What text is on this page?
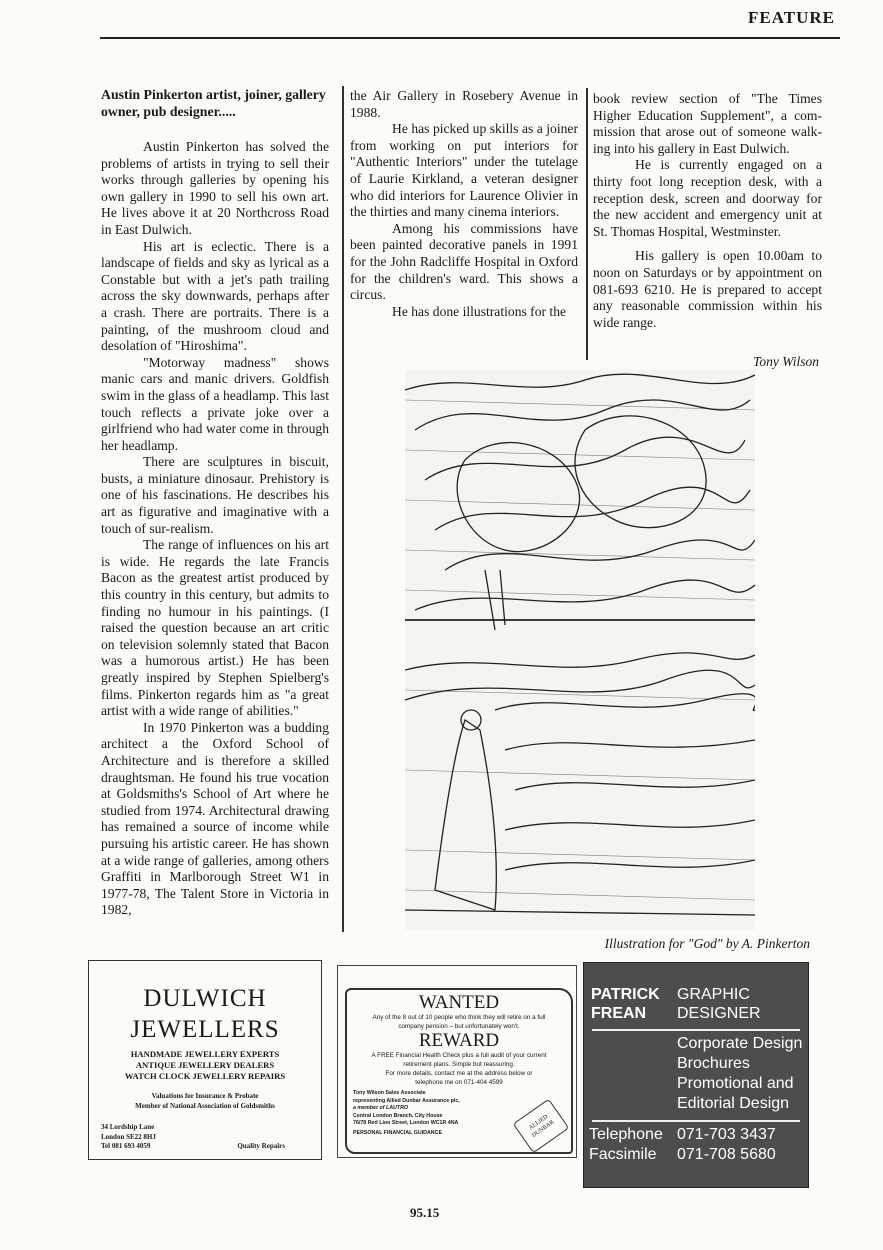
FEATURE
Austin Pinkerton artist, joiner, gallery owner, pub designer.....

Austin Pinkerton has solved the problems of artists in trying to sell their works through galleries by opening his own gallery in 1990 to sell his own art. He lives above it at 20 Northcross Road in East Dulwich.

His art is eclectic. There is a landscape of fields and sky as lyrical as a Constable but with a jet's path trailing across the sky downwards, perhaps after a crash. There are portraits. There is a painting, of the mushroom cloud and desolation of "Hiroshima".

"Motorway madness" shows manic cars and manic drivers. Goldfish swim in the glass of a headlamp. This last touch reflects a private joke over a girlfriend who had water come in through her headlamp.

There are sculptures in biscuit, busts, a miniature dinosaur. Prehistory is one of his fascinations. He describes his art as figurative and imaginative with a touch of sur-realism.

The range of influences on his art is wide. He regards the late Francis Bacon as the greatest artist produced by this country in this century, but admits to finding no humour in his paintings. (I raised the question because an art critic on television solemnly stated that Bacon was a humorous artist.) He has been greatly inspired by Stephen Spielberg's films. Pinkerton regards him as "a great artist with a wide range of abilities."

In 1970 Pinkerton was a budding architect a the Oxford School of Architecture and is therefore a skilled draughtsman. He found his true vocation at Goldsmiths's School of Art where he studied from 1974. Architectural drawing has remained a source of income while pursuing his artistic career. He has shown at a wide range of galleries, among others Graffiti in Marlborough Street W1 in 1977-78, The Talent Store in Victoria in 1982,

the Air Gallery in Rosebery Avenue in 1988.

He has picked up skills as a joiner from working on put interiors for "Authentic Interiors" under the tutelage of Laurie Kirkland, a veteran designer who did interiors for Laurence Olivier in the thirties and many cinema interiors.

Among his commissions have been painted decorative panels in 1991 for the John Radcliffe Hospital in Oxford for the children's ward. This shows a circus.

He has done illustrations for the

book review section of "The Times Higher Education Supplement", a commission that arose out of someone walking into his gallery in East Dulwich.

He is currently engaged on a thirty foot long reception desk, with a reception desk, screen and doorway for the new accident and emergency unit at St. Thomas Hospital, Westminster.

His gallery is open 10.00am to noon on Saturdays or by appointment on 081-693 6210. He is prepared to accept any reasonable commission within his wide range.

Tony Wilson
Illustration for "God" by A. Pinkerton
DULWICH
JEWELLERS
HANDMADE JEWELLERY EXPERTS
ANTIQUE JEWELLERY DEALERS
WATCH CLOCK JEWELLERY REPAIRS
Valuations for Insurance & Probate
Member of National Association of Goldsmiths
34 Lordship Lane
London SE22 8HJ
Tel 081 693 4059	Quality Repairs
WANTED
Any of the 8 out of 10 people who think they will retire on a full company pension – but unfortunately won't.
REWARD
A FREE Financial Health Check plus a full audit of your current retirement plans. Simple but reassuring.
For more details, contact me at the address below or telephone me on 071-404 4599
Tony Wilson Sales Associate
representing Allied Dunbar Assurance plc,
a member of LAUTRO
Central London Branch, City House
76/78 Red Lion Street, London WC1R 4NA
PERSONAL FINANCIAL GUIDANCE
ALLIED DUNBAR
PATRICK
FREAN
GRAPHIC
DESIGNER
Corporate Design
Brochures
Promotional and
Editorial Design
Telephone
Facsimile
071-703 3437
071-708 5680
95.15
